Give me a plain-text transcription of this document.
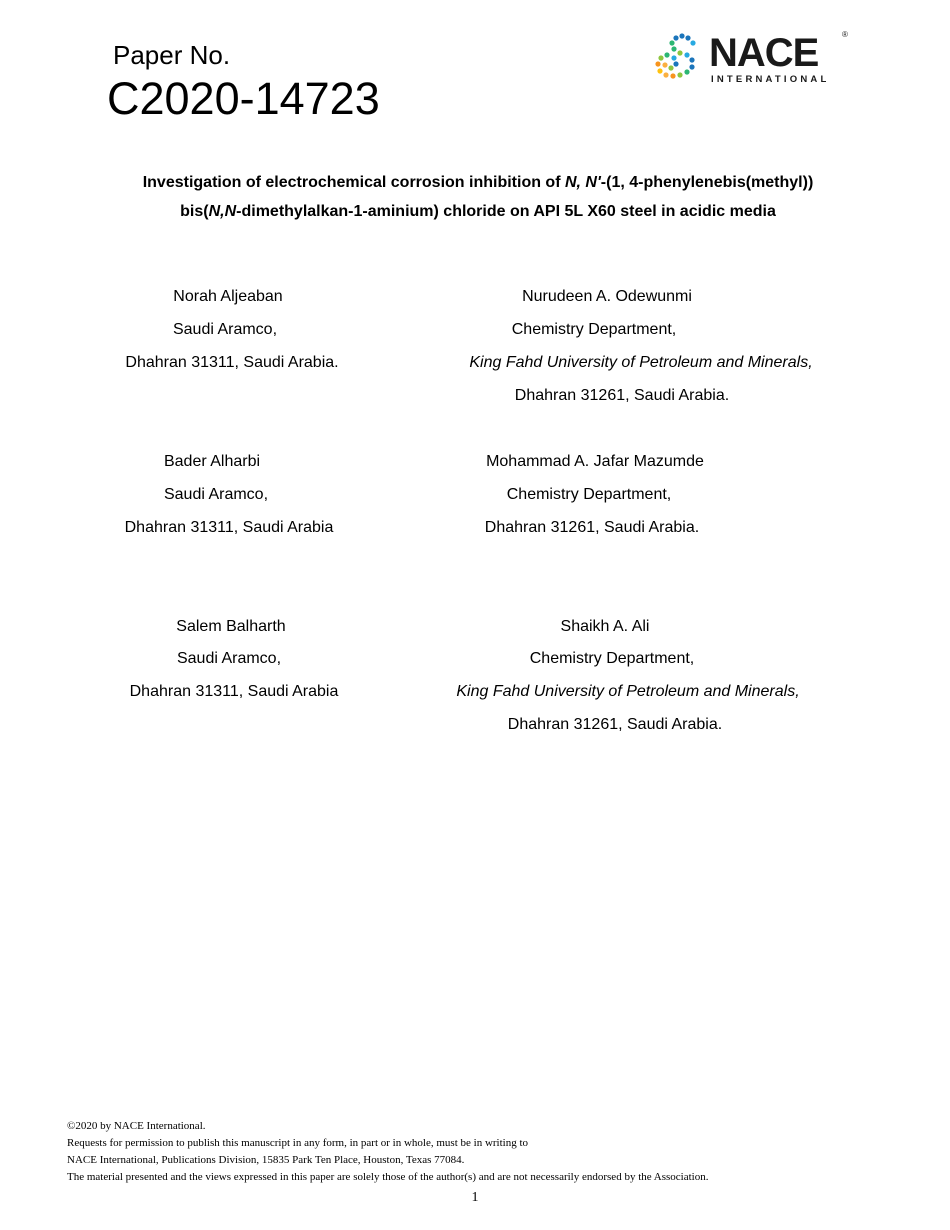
Paper No.
C2020-14723
NACE	®
INTERNATIONAL
Investigation of electrochemical corrosion inhibition of N, N'-(1, 4-phenylenebis(methyl))
bis(N,N-dimethylalkan-1-aminium) chloride on API 5L X60 steel in acidic media
Norah Aljeaban
Saudi Aramco,
Dhahran 31311, Saudi Arabia.
Nurudeen A. Odewunmi
Chemistry Department,
King Fahd University of Petroleum and Minerals,
Dhahran 31261, Saudi Arabia.
Bader Alharbi
Saudi Aramco,
Dhahran 31311, Saudi Arabia
Mohammad A. Jafar Mazumde
Chemistry Department,
Dhahran 31261, Saudi Arabia.
Salem Balharth
Saudi Aramco,
Dhahran 31311, Saudi Arabia
Shaikh A. Ali
Chemistry Department,
King Fahd University of Petroleum and Minerals,
Dhahran 31261, Saudi Arabia.
©2020 by NACE International.
Requests for permission to publish this manuscript in any form, in part or in whole, must be in writing to
NACE International, Publications Division, 15835 Park Ten Place, Houston, Texas 77084.
The material presented and the views expressed in this paper are solely those of the author(s) and are not necessarily endorsed by the Association.
1
